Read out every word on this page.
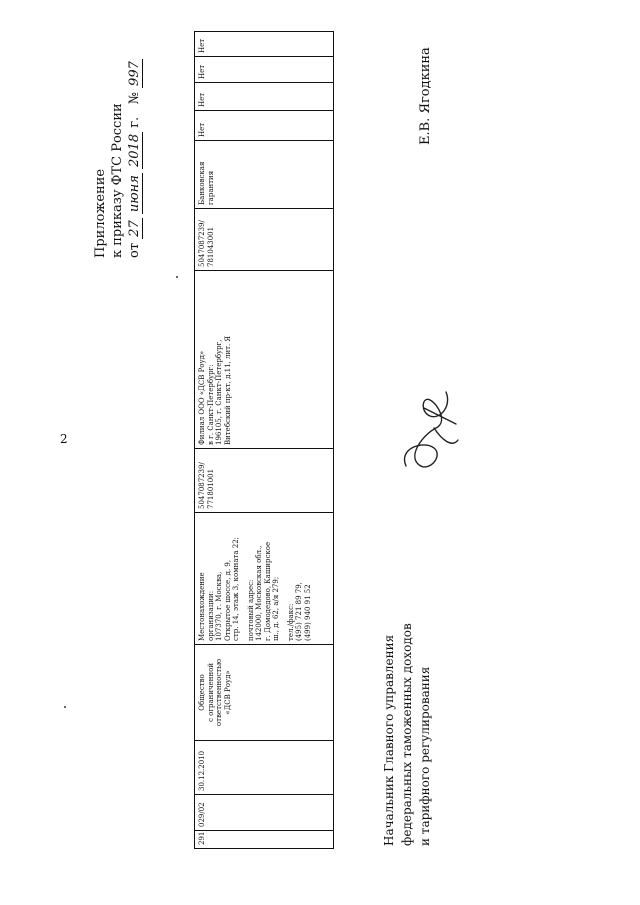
2
Приложение к приказу ФТС России от 27 июня 2018 г.   № 997
291
029/02
30.12.2010
Общество с ограниченной ответственностью «ДСВ Роуд»
Местонахождение организации: 107370, г. Москва, Открытое шоссе, д. 9, стр. 14, этаж 3, комната 22; почтовый адрес: 142000, Московская обл., г. Домодедово, Каширское ш., д. 62, а/я 279; тел./факс: (495) 721 89 79, (499) 940 91 52
5047087239/ 771801001
Филиал ООО «ДСВ Роуд» в г. Санкт-Петербург: 196105, г. Санкт-Петербург, Витебский пр-кт, д.11, лит. Я
5047087239/ 781043001
Банковская гарантия
Нет
Нет
Нет
Нет
Е.В. Ягодкина
Начальник Главного управления федеральных таможенных доходов и тарифного регулирования
